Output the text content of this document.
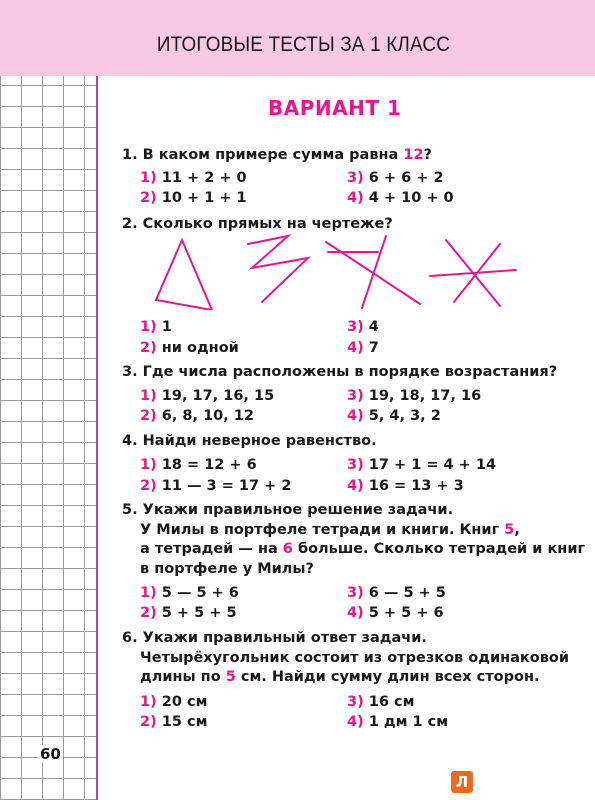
ИТОГОВЫЕ ТЕСТЫ ЗА 1 КЛАСС
60
ВАРИАНТ 1
1. В каком примере сумма равна 12?
1) 11 + 2 + 0
2) 10 + 1 + 1
3) 6 + 6 + 2
4) 4 + 10 + 0
2. Сколько прямых на чертеже?
1) 1
2) ни одной
3) 4
4) 7
3. Где числа расположены в порядке возрастания?
1) 19, 17, 16, 15
2) 6, 8, 10, 12
3) 19, 18, 17, 16
4) 5, 4, 3, 2
4. Найди неверное равенство.
1) 18 = 12 + 6
2) 11 — 3 = 17 + 2
3) 17 + 1 = 4 + 14
4) 16 = 13 + 3
5. Укажи правильное решение задачи.
У Милы в портфеле тетради и книги. Книг 5,
а тетрадей — на 6 больше. Сколько тетрадей и книг
в портфеле у Милы?
1) 5 — 5 + 6
2) 5 + 5 + 5
3) 6 — 5 + 5
4) 5 + 5 + 6
6. Укажи правильный ответ задачи.
Четырёхугольник состоит из отрезков одинаковой
длины по 5 см. Найди сумму длин всех сторон.
1) 20 см
2) 15 см
3) 16 см
4) 1 дм 1 см
Л
